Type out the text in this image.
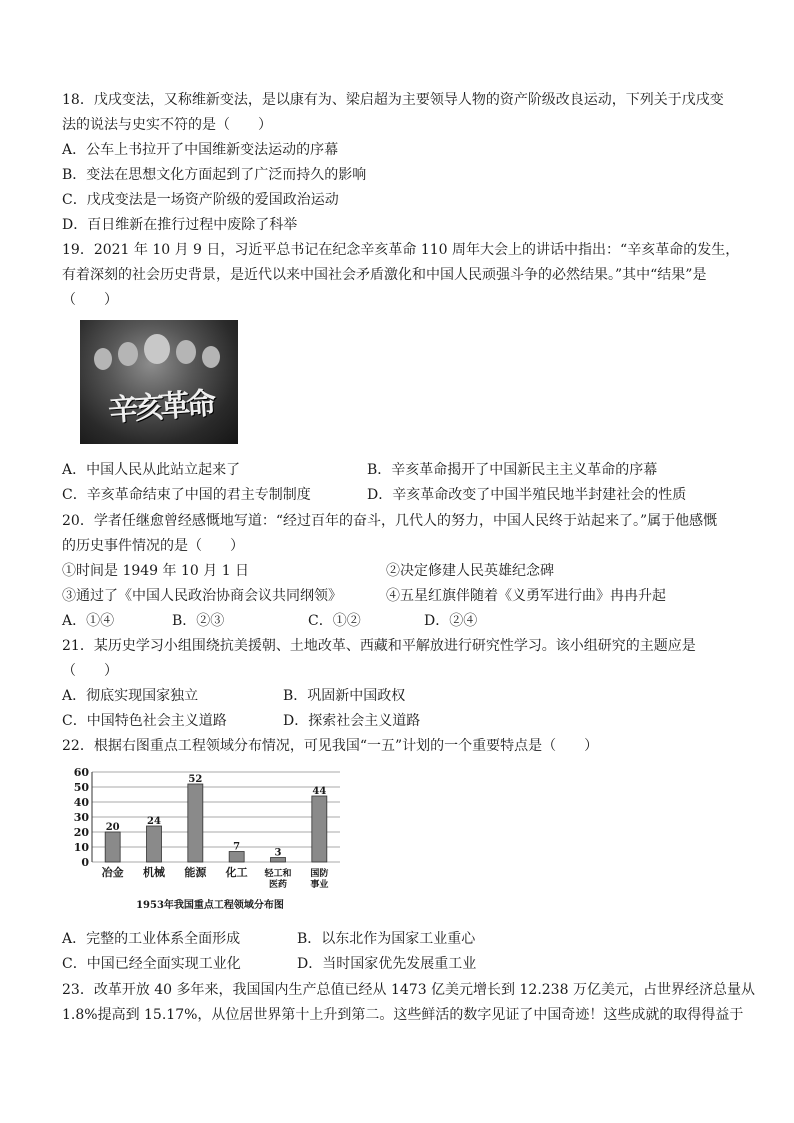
18．戊戌变法，又称维新变法，是以康有为、梁启超为主要领导人物的资产阶级改良运动，下列关于戊戌变
法的说法与史实不符的是（　　）
A．公车上书拉开了中国维新变法运动的序幕
B．变法在思想文化方面起到了广泛而持久的影响
C．戊戌变法是一场资产阶级的爱国政治运动
D．百日维新在推行过程中废除了科举
19．2021 年 10 月 9 日，习近平总书记在纪念辛亥革命 110 周年大会上的讲话中指出：“辛亥革命的发生，
有着深刻的社会历史背景，是近代以来中国社会矛盾激化和中国人民顽强斗争的必然结果。”其中“结果”是
（　　）
辛亥革命
A．中国人民从此站立起来了	B．辛亥革命揭开了中国新民主主义革命的序幕
C．辛亥革命结束了中国的君主专制制度	D．辛亥革命改变了中国半殖民地半封建社会的性质
20．学者任继愈曾经感慨地写道：“经过百年的奋斗，几代人的努力，中国人民终于站起来了。”属于他感慨
的历史事件情况的是（　　）
①时间是 1949 年 10 月 1 日	②决定修建人民英雄纪念碑
③通过了《中国人民政治协商会议共同纲领》	④五星红旗伴随着《义勇军进行曲》冉冉升起
A．①④	B．②③	C．①②	D．②④
21．某历史学习小组围绕抗美援朝、土地改革、西藏和平解放进行研究性学习。该小组研究的主题应是
（　　）
A．彻底实现国家独立	B．巩固新中国政权
C．中国特色社会主义道路	D．探索社会主义道路
22．根据右图重点工程领域分布情况，可见我国“一五”计划的一个重要特点是（　　）
0
10
20
30
40
50
60
20
冶金
24
机械
52
能源
7
化工
3
轻工和
医药
44
国防
事业
1953年我国重点工程领域分布图
A．完整的工业体系全面形成	B．以东北作为国家工业重心
C．中国已经全面实现工业化	D．当时国家优先发展重工业
23．改革开放 40 多年来，我国国内生产总值已经从 1473 亿美元增长到 12.238 万亿美元，占世界经济总量从
1.8%提高到 15.17%，从位居世界第十上升到第二。这些鲜活的数字见证了中国奇迹！这些成就的取得得益于
